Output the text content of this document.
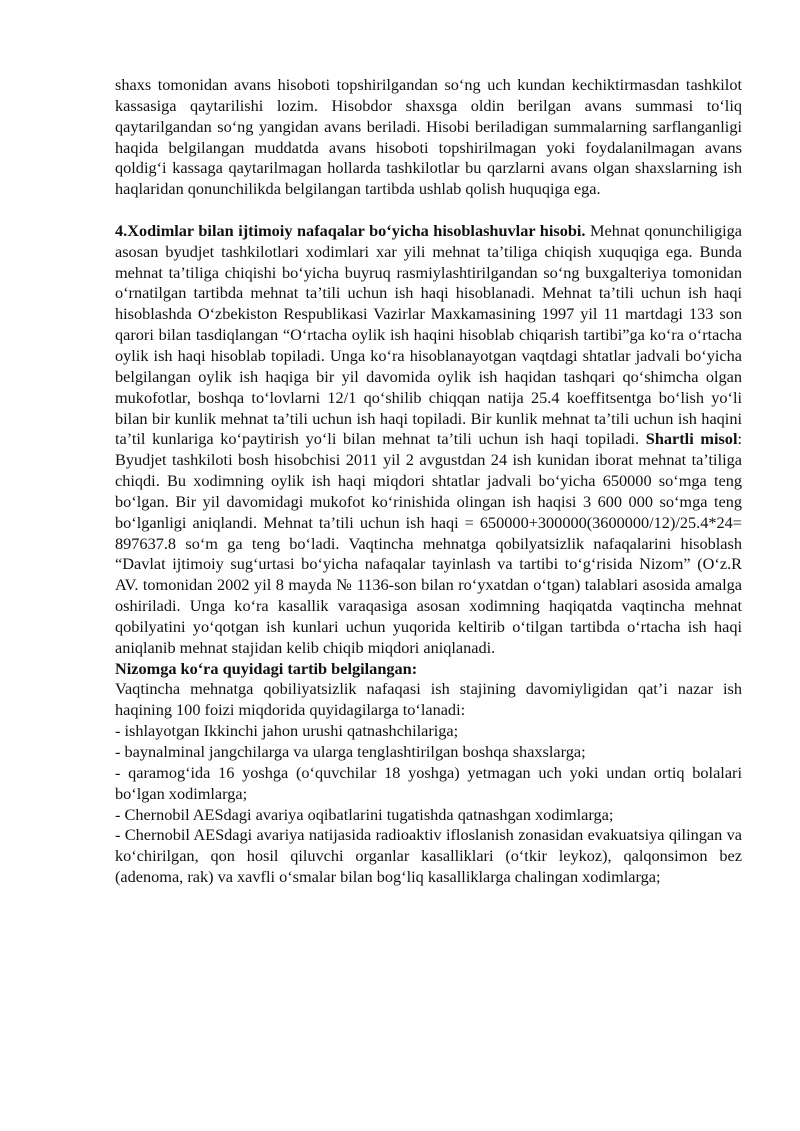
shaxs tomonidan avans hisoboti topshirilgandan so‘ng uch kundan kechiktirmasdan tashkilot kassasiga qaytarilishi lozim. Hisobdor shaxsga oldin berilgan avans summasi to‘liq qaytarilgandan so‘ng yangidan avans beriladi. Hisobi beriladigan summalarning sarflanganligi haqida belgilangan muddatda avans hisoboti topshirilmagan yoki foydalanilmagan avans qoldig‘i kassaga qaytarilmagan hollarda tashkilotlar bu qarzlarni avans olgan shaxslarning ish haqlaridan qonunchilikda belgilangan tartibda ushlab qolish huquqiga ega.

4.Xodimlar bilan ijtimoiy nafaqalar bo‘yicha hisoblashuvlar hisobi. Mehnat qonunchiligiga asosan byudjet tashkilotlari xodimlari xar yili mehnat ta’tiliga chiqish xuquqiga ega. Bunda mehnat ta’tiliga chiqishi bo‘yicha buyruq rasmiylashtirilgandan so‘ng buxgalteriya tomonidan o‘rnatilgan tartibda mehnat ta’tili uchun ish haqi hisoblanadi. Mehnat ta’tili uchun ish haqi hisoblashda O‘zbekiston Respublikasi Vazirlar Maxkamasining 1997 yil 11 martdagi 133 son qarori bilan tasdiqlangan “O‘rtacha oylik ish haqini hisoblab chiqarish tartibi”ga ko‘ra o‘rtacha oylik ish haqi hisoblab topiladi. Unga ko‘ra hisoblanayotgan vaqtdagi shtatlar jadvali bo‘yicha belgilangan oylik ish haqiga bir yil davomida oylik ish haqidan tashqari qo‘shimcha olgan mukofotlar, boshqa to‘lovlarni 12/1 qo‘shilib chiqqan natija 25.4 koeffitsentga bo‘lish yo‘li bilan bir kunlik mehnat ta’tili uchun ish haqi topiladi. Bir kunlik mehnat ta’tili uchun ish haqini ta’til kunlariga ko‘paytirish yo‘li bilan mehnat ta’tili uchun ish haqi topiladi. Shartli misol: Byudjet tashkiloti bosh hisobchisi 2011 yil 2 avgustdan 24 ish kunidan iborat mehnat ta’tiliga chiqdi. Bu xodimning oylik ish haqi miqdori shtatlar jadvali bo‘yicha 650000 so‘mga teng bo‘lgan. Bir yil davomidagi mukofot ko‘rinishida olingan ish haqisi 3 600 000 so‘mga teng bo‘lganligi aniqlandi. Mehnat ta’tili uchun ish haqi = 650000+300000(3600000/12)/25.4*24= 897637.8 so‘m ga teng bo‘ladi. Vaqtincha mehnatga qobilyatsizlik nafaqalarini hisoblash “Davlat ijtimoiy sug‘urtasi bo‘yicha nafaqalar tayinlash va tartibi to‘g‘risida Nizom” (O‘z.R AV. tomonidan 2002 yil 8 mayda № 1136-son bilan ro‘yxatdan o‘tgan) talablari asosida amalga oshiriladi. Unga ko‘ra kasallik varaqasiga asosan xodimning haqiqatda vaqtincha mehnat qobilyatini yo‘qotgan ish kunlari uchun yuqorida keltirib o‘tilgan tartibda o‘rtacha ish haqi aniqlanib mehnat stajidan kelib chiqib miqdori aniqlanadi.

Nizomga ko‘ra quyidagi tartib belgilangan:

Vaqtincha mehnatga qobiliyatsizlik nafaqasi ish stajining davomiyligidan qat’i nazar ish haqining 100 foizi miqdorida quyidagilarga to‘lanadi:

- ishlayotgan Ikkinchi jahon urushi qatnashchilariga;

- baynalminal jangchilarga va ularga tenglashtirilgan boshqa shaxslarga;

- qaramog‘ida 16 yoshga (o‘quvchilar 18 yoshga) yetmagan uch yoki undan ortiq bolalari bo‘lgan xodimlarga;

- Chernobil AESdagi avariya oqibatlarini tugatishda qatnashgan xodimlarga;

- Chernobil AESdagi avariya natijasida radioaktiv ifloslanish zonasidan evakuatsiya qilingan va ko‘chirilgan, qon hosil qiluvchi organlar kasalliklari (o‘tkir leykoz), qalqonsimon bez (adenoma, rak) va xavfli o‘smalar bilan bog‘liq kasalliklarga chalingan xodimlarga;
